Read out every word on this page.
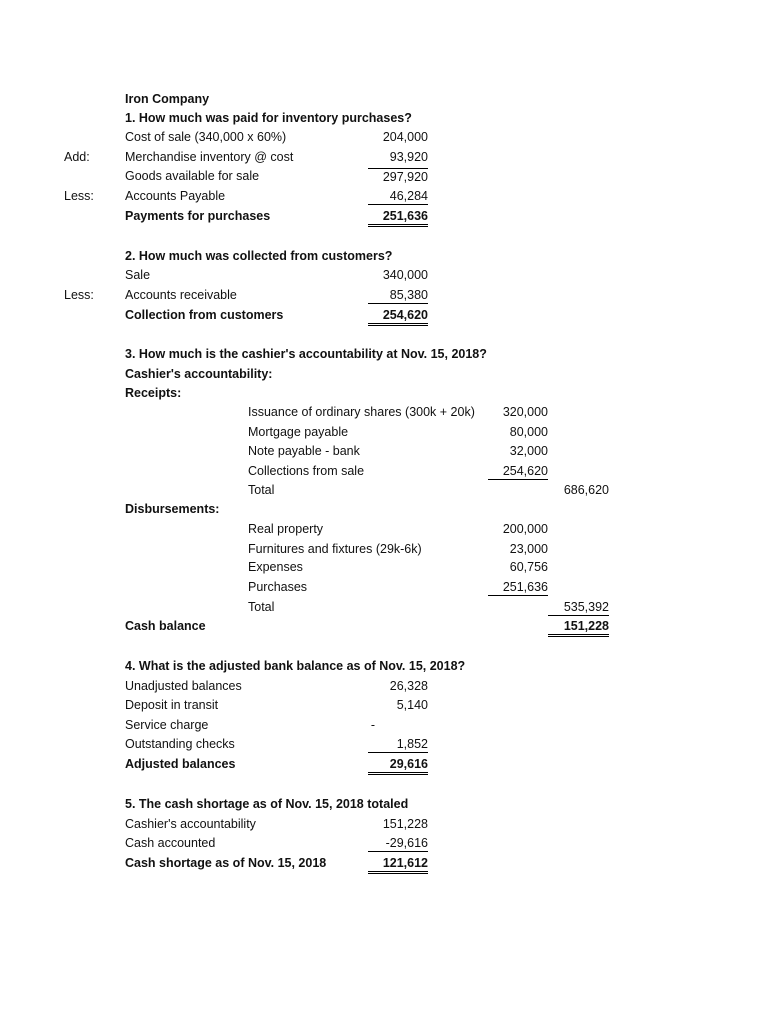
Iron Company
1. How much was paid for inventory purchases?
Cost of sale (340,000 x 60%)	204,000
Add:	Merchandise inventory @ cost	93,920
Goods available for sale	297,920
Less: Accounts Payable	46,284
Payments for purchases	251,636
2. How much was collected from customers?
Sale	340,000
Less: Accounts receivable	85,380
Collection from customers	254,620
3. How much is the cashier's accountability at Nov. 15, 2018?
Cashier's accountability:
Receipts:
Issuance of ordinary shares (300k + 20k)	320,000
Mortgage payable	80,000
Note payable - bank	32,000
Collections from sale	254,620
Total	686,620
Disbursements:
Real property	200,000
Furnitures and fixtures (29k-6k)	23,000
Expenses	60,756
Purchases	251,636
Total	535,392
Cash balance	151,228
4. What is the adjusted bank balance as of Nov. 15, 2018?
Unadjusted balances	26,328
Deposit in transit	5,140
Service charge	-
Outstanding checks	1,852
Adjusted balances	29,616
5. The cash shortage as of Nov. 15, 2018 totaled
Cashier's accountability	151,228
Cash accounted	-29,616
Cash shortage as of Nov. 15, 2018	121,612
